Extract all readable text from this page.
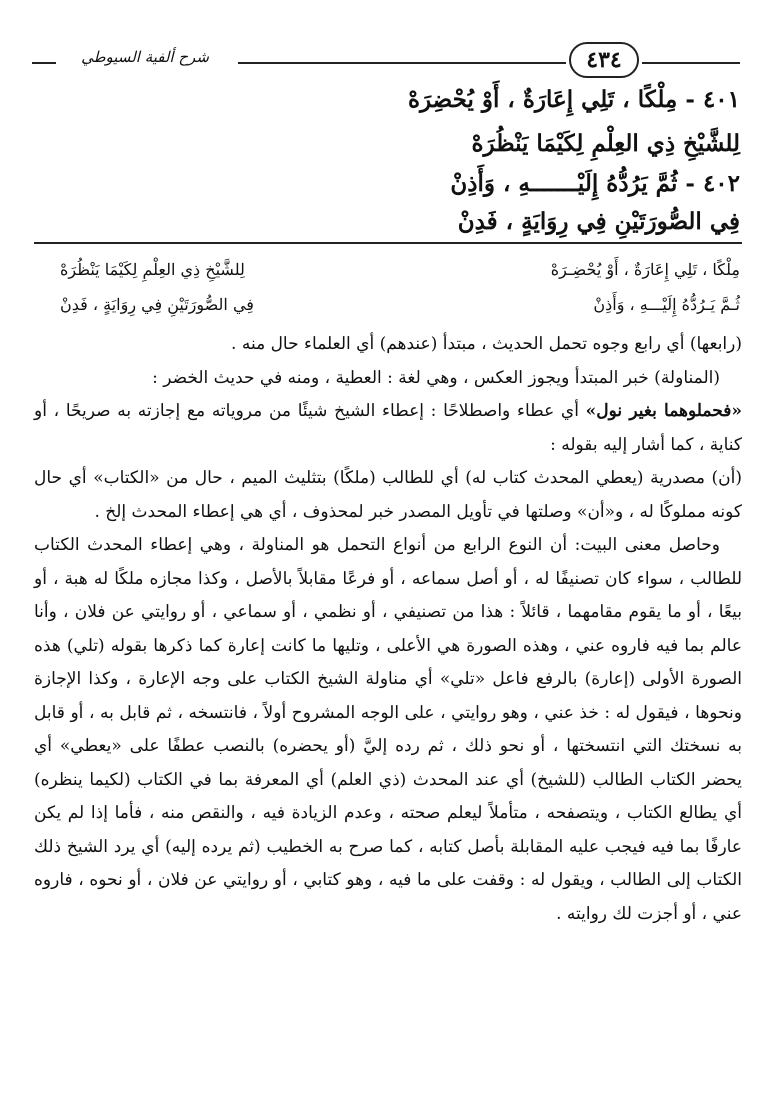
شرح ألفية السيوطي	٤٣٤
٤٠١ - مِلْكًا ، تَلِي إِعَارَةٌ ، أَوْ يُحْضِرَهْ
لِلشَّيْخِ ذِي العِلْمِ لِكَيْمَا يَنْظُرَهْ
٤٠٢ - ثُمَّ يَرُدُّهُ إِلَيْـــــــهِ ، وَأَذِنْ
فِي الصُّورَتَيْنِ فِي رِوَايَةٍ ، فَدِنْ
مِلْكًا ، تَلِي إِعَارَةٌ ، أَوْ يُحْضِـرَهْ
لِلشَّيْخِ ذِي العِلْمِ لِكَيْمَا يَنْظُرَهْ
ثُـمَّ يَـرُدُّهُ إِلَيْـــهِ ، وَأَذِنْ
فِي الصُّورَتَيْنِ فِي رِوَايَةٍ ، فَدِنْ

(رابعها) أي رابع وجوه تحمل الحديث ، مبتدأ (عندهم) أي العلماء حال منه .

(المناولة) خبر المبتدأ ويجوز العكس ، وهي لغة : العطية ، ومنه في حديث الخضر :

«فحملوهما بغير نول» أي عطاء واصطلاحًا : إعطاء الشيخ شيئًا من مروياته مع إجازته به صريحًا ، أو كناية ، كما أشار إليه بقوله :

(أن) مصدرية (يعطي المحدث كتاب له) أي للطالب (ملكًا) بتثليث الميم ، حال من «الكتاب» أي حال كونه مملوكًا له ، و«أن» وصلتها في تأويل المصدر خبر لمحذوف ، أي هي إعطاء المحدث إلخ .

وحاصل معنى البيت: أن النوع الرابع من أنواع التحمل هو المناولة ، وهي إعطاء المحدث الكتاب للطالب ، سواء كان تصنيفًا له ، أو أصل سماعه ، أو فرعًا مقابلاً بالأصل ، وكذا مجازه ملكًا له هبة ، أو بيعًا ، أو ما يقوم مقامهما ، قائلاً : هذا من تصنيفي ، أو نظمي ، أو سماعي ، أو روايتي عن فلان ، وأنا عالم بما فيه فاروه عني ، وهذه الصورة هي الأعلى ، وتليها ما كانت إعارة كما ذكرها بقوله (تلي) هذه الصورة الأولى (إعارة) بالرفع فاعل «تلي» أي مناولة الشيخ الكتاب على وجه الإعارة ، وكذا الإجازة ونحوها ، فيقول له : خذ عني ، وهو روايتي ، على الوجه المشروح أولاً ، فانتسخه ، ثم قابل به ، أو قابل به نسختك التي انتسختها ، أو نحو ذلك ، ثم رده إليَّ (أو يحضره) بالنصب عطفًا على «يعطي» أي يحضر الكتاب الطالب (للشيخ) أي عند المحدث (ذي العلم) أي المعرفة بما في الكتاب (لكيما ينظره) أي يطالع الكتاب ، ويتصفحه ، متأملاً ليعلم صحته ، وعدم الزيادة فيه ، والنقص منه ، فأما إذا لم يكن عارفًا بما فيه فيجب عليه المقابلة بأصل كتابه ، كما صرح به الخطيب (ثم يرده إليه) أي يرد الشيخ ذلك الكتاب إلى الطالب ، ويقول له : وقفت على ما فيه ، وهو كتابي ، أو روايتي عن فلان ، أو نحوه ، فاروه عني ، أو أجزت لك روايته .
